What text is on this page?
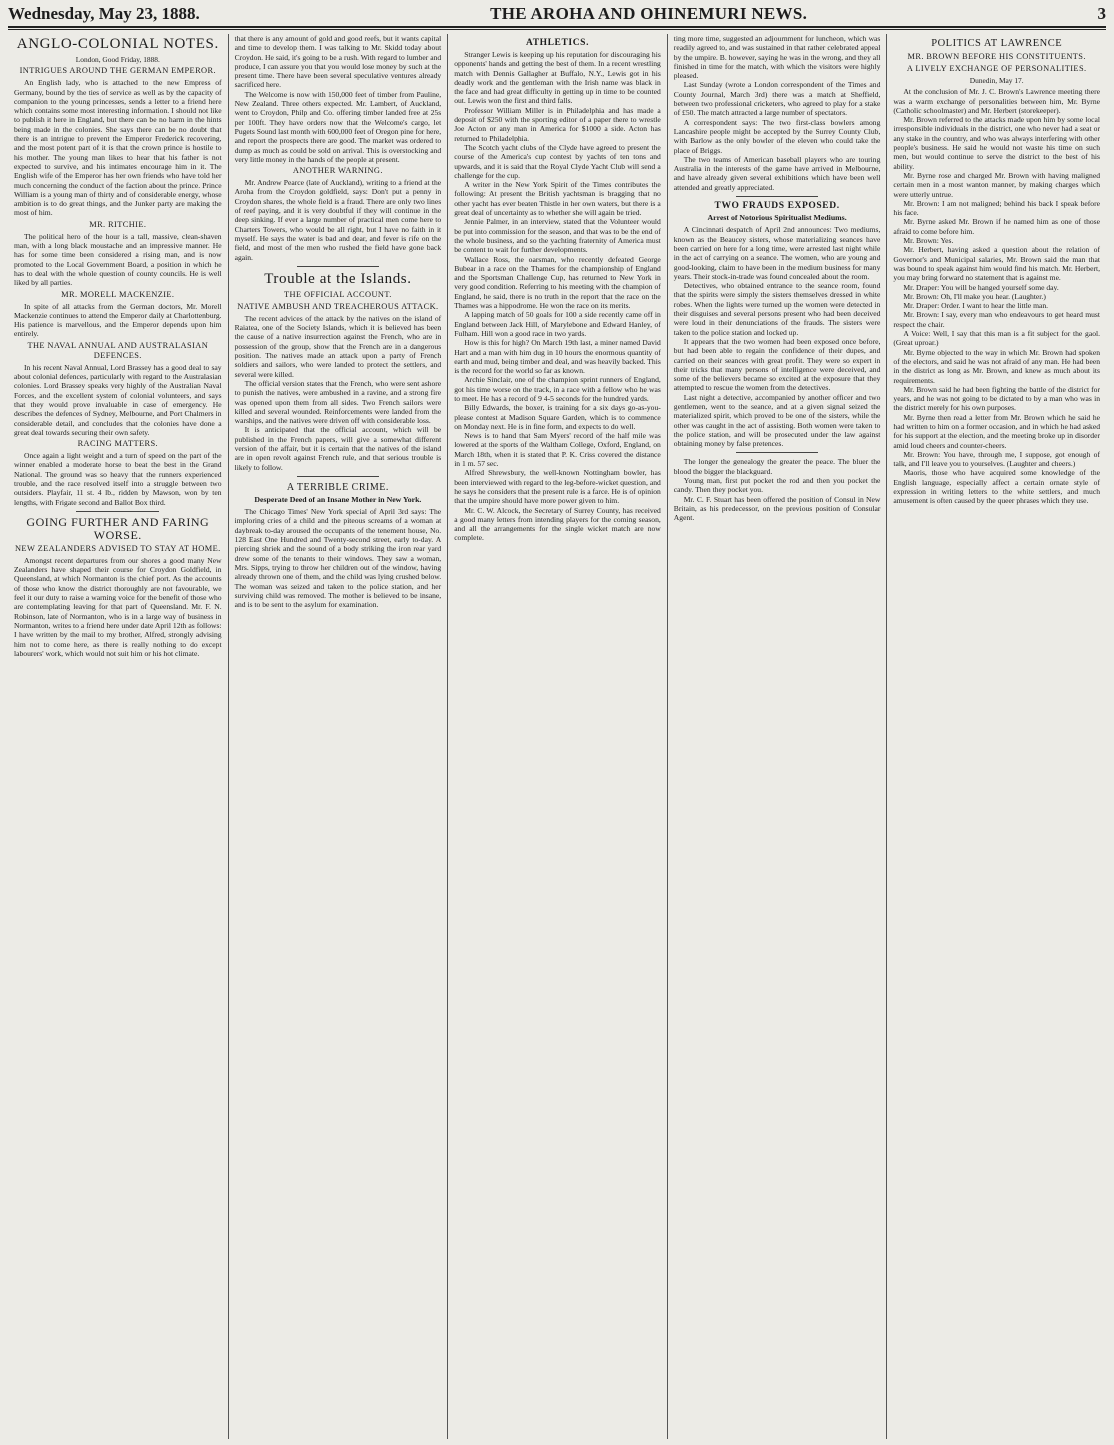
Wednesday, May 23, 1888.	THE AROHA AND OHINEMURI NEWS.	3
ANGLO-COLONIAL NOTES.
London, Good Friday, 1888.
INTRIGUES AROUND THE GERMAN EMPEROR.

An English lady, who is attached to the new Empress of Germany, bound by the ties of service as well as by the capacity of companion to the young princesses, sends a letter to a friend here which contains some most interesting information. I should not like to publish it here in England, but there can be no harm in the hints being made in the colonies. She says there can be no doubt that there is an intrigue to prevent the Emperor Frederick recovering, and the most potent part of it is that the crown prince is hostile to his mother. The young man likes to hear that his father is not expected to survive, and his intimates encourage him in it. The English wife of the Emperor has her own friends who have told her much concerning the conduct of the faction about the prince. Prince William is a young man of thirty and of considerable energy, whose ambition is to do great things, and the Junker party are making the most of him.

MR. RITCHIE.

The political hero of the hour is a tall, massive, clean-shaven man, with a long black moustache and an impressive manner. He has for some time been considered a rising man, and is now promoted to the Local Government Board, a position in which he has to deal with the whole question of county councils. He is well liked by all parties.

MR. MORELL MACKENZIE.

In spite of all attacks from the German doctors, Mr. Morell Mackenzie continues to attend the Emperor daily at Charlottenburg. His patience is marvellous, and the Emperor depends upon him entirely.

THE NAVAL ANNUAL AND AUSTRALASIAN DEFENCES.

In his recent Naval Annual, Lord Brassey has a good deal to say about colonial defences, particularly with regard to the Australasian colonies. Lord Brassey speaks very highly of the Australian Naval Forces, and the excellent system of colonial volunteers, and says that they would prove invaluable in case of emergency. He describes the defences of Sydney, Melbourne, and Port Chalmers in considerable detail, and concludes that the colonies have done a great deal towards securing their own safety.

RACING MATTERS.

Once again a light weight and a turn of speed on the part of the winner enabled a moderate horse to beat the best in the Grand National. The ground was so heavy that the runners experienced trouble, and the race resolved itself into a struggle between two outsiders. Playfair, 11 st. 4 lb., ridden by Mawson, won by ten lengths, with Frigate second and Ballot Box third.

GOING FURTHER AND FARING WORSE.
NEW ZEALANDERS ADVISED TO STAY AT HOME.

Amongst recent departures from our shores a good many New Zealanders have shaped their course for Croydon Goldfield, in Queensland, at which Normanton is the chief port. As the accounts of those who know the district thoroughly are not favourable, we feel it our duty to raise a warning voice for the benefit of those who are contemplating leaving for that part of Queensland. Mr. F. N. Robinson, late of Normanton, who is in a large way of business in Normanton, writes to a friend here under date April 12th as follows: I have written by the mail to my brother, Alfred, strongly advising him not to come here, as there is really nothing to do except labourers' work, which would not suit him or his hot climate.

that there is any amount of gold and good reefs, but it wants capital and time to develop them. I was talking to Mr. Skidd today about Croydon. He said, it's going to be a rush. With regard to lumber and produce, I can assure you that you would lose money by such at the present time. There have been several speculative ventures already sacrificed here.

The Welcome is now with 150,000 feet of timber from Pauline, New Zealand. Three others expected. Mr. Lambert, of Auckland, went to Croydon, Philp and Co. offering timber landed free at 25s per 100ft. They have orders now that the Welcome's cargo, let Pugets Sound last month with 600,000 feet of Oregon pine for here, and report the prospects there are good. The market was ordered to dump as much as could be sold on arrival. This is overstocking and very little money in the hands of the people at present.

ANOTHER WARNING.

Mr. Andrew Pearce (late of Auckland), writing to a friend at the Aroha from the Croydon goldfield, says: Don't put a penny in Croydon shares, the whole field is a fraud. There are only two lines of reef paying, and it is very doubtful if they will continue in the deep sinking. If ever a large number of practical men come here to Charters Towers, who would be all right, but I have no faith in it myself. He says the water is bad and dear, and fever is rife on the field, and most of the men who rushed the field have gone back again.

Trouble at the Islands.
THE OFFICIAL ACCOUNT.
NATIVE AMBUSH AND TREACHEROUS ATTACK.

The recent advices of the attack by the natives on the island of Raiatea, one of the Society Islands, which it is believed has been the cause of a native insurrection against the French, who are in possession of the group, show that the French are in a dangerous position. The natives made an attack upon a party of French soldiers and sailors, who were landed to protect the settlers, and several were killed.

The official version states that the French, who were sent ashore to punish the natives, were ambushed in a ravine, and a strong fire was opened upon them from all sides. Two French sailors were killed and several wounded. Reinforcements were landed from the warships, and the natives were driven off with considerable loss.

It is anticipated that the official account, which will be published in the French papers, will give a somewhat different version of the affair, but it is certain that the natives of the island are in open revolt against French rule, and that serious trouble is likely to follow.

A TERRIBLE CRIME.
Desperate Deed of an Insane Mother in New York.

The Chicago Times' New York special of April 3rd says: The imploring cries of a child and the piteous screams of a woman at daybreak to-day aroused the occupants of the tenement house, No. 128 East One Hundred and Twenty-second street, early to-day. A piercing shriek and the sound of a body striking the iron rear yard drew some of the tenants to their windows. They saw a woman, Mrs. Sipps, trying to throw her children out of the window, having already thrown one of them, and the child was lying crushed below. The woman was seized and taken to the police station, and her surviving child was removed. The mother is believed to be insane, and is to be sent to the asylum for examination.

ATHLETICS.

Stranger Lewis is keeping up his reputation for discouraging his opponents' hands and getting the best of them. In a recent wrestling match with Dennis Gallagher at Buffalo, N.Y., Lewis got in his deadly work and the gentleman with the Irish name was black in the face and had great difficulty in getting up in time to be counted out. Lewis won the first and third falls.

Professor William Miller is in Philadelphia and has made a deposit of $250 with the sporting editor of a paper there to wrestle Joe Acton or any man in America for $1000 a side. Acton has returned to Philadelphia.

The Scotch yacht clubs of the Clyde have agreed to present the course of the America's cup contest by yachts of ten tons and upwards, and it is said that the Royal Clyde Yacht Club will send a challenge for the cup.

A writer in the New York Spirit of the Times contributes the following: At present the British yachtsman is bragging that no other yacht has ever beaten Thistle in her own waters, but there is a great deal of uncertainty as to whether she will again be tried.

Jennie Palmer, in an interview, stated that the Volunteer would be put into commission for the season, and that was to be the end of the whole business, and so the yachting fraternity of America must be content to wait for further developments.

Wallace Ross, the oarsman, who recently defeated George Bubear in a race on the Thames for the championship of England and the Sportsman Challenge Cup, has returned to New York in very good condition. Referring to his meeting with the champion of England, he said, there is no truth in the report that the race on the Thames was a hippodrome. He won the race on its merits.

A lapping match of 50 goals for 100 a side recently came off in England between Jack Hill, of Marylebone and Edward Hanley, of Fulham. Hill won a good race in two yards.

How is this for high? On March 19th last, a miner named David Hart and a man with him dug in 10 hours the enormous quantity of earth and mud, being timber and deal, and was heavily backed. This is the record for the world so far as known.

Archie Sinclair, one of the champion sprint runners of England, got his time worse on the track, in a race with a fellow who he was to meet. He has a record of 9 4-5 seconds for the hundred yards.

Billy Edwards, the boxer, is training for a six days go-as-you-please contest at Madison Square Garden, which is to commence on Monday next. He is in fine form, and expects to do well.

News is to hand that Sam Myers' record of the half mile was lowered at the sports of the Waltham College, Oxford, England, on March 18th, when it is stated that P. K. Criss covered the distance in 1 m. 57 sec.

Alfred Shrewsbury, the well-known Nottingham bowler, has been interviewed with regard to the leg-before-wicket question, and he says he considers that the present rule is a farce. He is of opinion that the umpire should have more power given to him.

Mr. C. W. Alcock, the Secretary of Surrey County, has received a good many letters from intending players for the coming season, and all the arrangements for the single wicket match are now complete.

ting more time, suggested an adjournment for luncheon, which was readily agreed to, and was sustained in that rather celebrated appeal by the umpire. B. however, saying he was in the wrong, and they all finished in time for the match, with which the visitors were highly pleased.

Last Sunday (wrote a London correspondent of the Times and County Journal, March 3rd) there was a match at Sheffield, between two professional cricketers, who agreed to play for a stake of £50. The match attracted a large number of spectators.

A correspondent says: The two first-class bowlers among Lancashire people might be accepted by the Surrey County Club, with Barlow as the only bowler of the eleven who could take the place of Briggs.

The two teams of American baseball players who are touring Australia in the interests of the game have arrived in Melbourne, and have already given several exhibitions which have been well attended and greatly appreciated.

TWO FRAUDS EXPOSED.
Arrest of Notorious Spiritualist Mediums.

A Cincinnati despatch of April 2nd announces: Two mediums, known as the Beaucey sisters, whose materializing seances have been carried on here for a long time, were arrested last night while in the act of carrying on a seance. The women, who are young and good-looking, claim to have been in the medium business for many years. Their stock-in-trade was found concealed about the room.

Detectives, who obtained entrance to the seance room, found that the spirits were simply the sisters themselves dressed in white robes. When the lights were turned up the women were detected in their disguises and several persons present who had been deceived were loud in their denunciations of the frauds. The sisters were taken to the police station and locked up.

It appears that the two women had been exposed once before, but had been able to regain the confidence of their dupes, and carried on their seances with great profit. They were so expert in their tricks that many persons of intelligence were deceived, and some of the believers became so excited at the exposure that they attempted to rescue the women from the detectives.

Last night a detective, accompanied by another officer and two gentlemen, went to the seance, and at a given signal seized the materialized spirit, which proved to be one of the sisters, while the other was caught in the act of assisting. Both women were taken to the police station, and will be prosecuted under the law against obtaining money by false pretences.

The longer the genealogy the greater the peace. The bluer the blood the bigger the blackguard.

Young man, first put pocket the rod and then you pocket the candy. Then they pocket you.

Mr. C. F. Stuart has been offered the position of Consul in New Britain, as his predecessor, on the previous position of Consular Agent.

POLITICS AT LAWRENCE
MR. BROWN BEFORE HIS CONSTITUENTS.
A LIVELY EXCHANGE OF PERSONALITIES.
Dunedin, May 17.

At the conclusion of Mr. J. C. Brown's Lawrence meeting there was a warm exchange of personalities between him, Mr. Byrne (Catholic schoolmaster) and Mr. Herbert (storekeeper).

Mr. Brown referred to the attacks made upon him by some local irresponsible individuals in the district, one who never had a seat or any stake in the country, and who was always interfering with other people's business. He said he would not waste his time on such men, but would continue to serve the district to the best of his ability.

Mr. Byrne rose and charged Mr. Brown with having maligned certain men in a most wanton manner, by making charges which were utterly untrue.

Mr. Brown: I am not maligned; behind his back I speak before his face.

Mr. Byrne asked Mr. Brown if he named him as one of those afraid to come before him.

Mr. Brown: Yes.

Mr. Herbert, having asked a question about the relation of Governor's and Municipal salaries, Mr. Brown said the man that was bound to speak against him would find his match. Mr. Herbert, you may bring forward no statement that is against me.

Mr. Draper: You will be hanged yourself some day.

Mr. Brown: Oh, I'll make you hear. (Laughter.)

Mr. Draper: Order. I want to hear the little man.

Mr. Brown: I say, every man who endeavours to get heard must respect the chair.

A Voice: Well, I say that this man is a fit subject for the gaol. (Great uproar.)

Mr. Byrne objected to the way in which Mr. Brown had spoken of the electors, and said he was not afraid of any man. He had been in the district as long as Mr. Brown, and knew as much about its requirements.

Mr. Brown said he had been fighting the battle of the district for years, and he was not going to be dictated to by a man who was in the district merely for his own purposes.

Mr. Byrne then read a letter from Mr. Brown which he said he had written to him on a former occasion, and in which he had asked for his support at the election, and the meeting broke up in disorder amid loud cheers and counter-cheers.

Mr. Brown: You have, through me, I suppose, got enough of talk, and I'll leave you to yourselves. (Laughter and cheers.)

Maoris, those who have acquired some knowledge of the English language, especially affect a certain ornate style of expression in writing letters to the white settlers, and much amusement is often caused by the queer phrases which they use.
